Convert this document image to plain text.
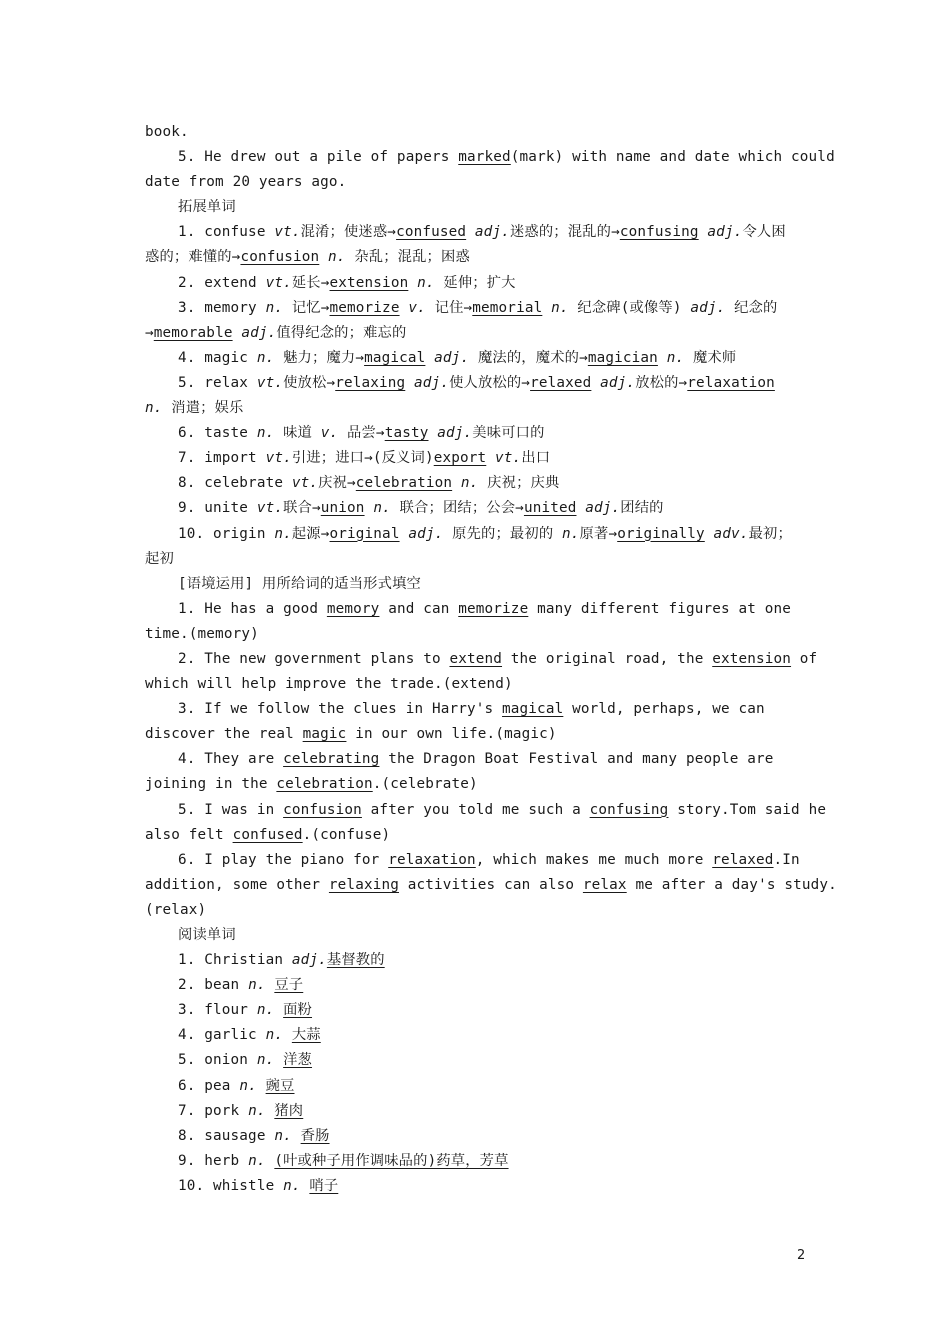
book.
5. He drew out a pile of papers marked(mark) with name and date which could
date from 20 years ago.
拓展单词
1. confuse vt.混淆；使迷惑→confused adj.迷惑的；混乱的→confusing adj.令人困
惑的；难懂的→confusion n. 杂乱；混乱；困惑
2. extend vt.延长→extension n. 延伸；扩大
3. memory n. 记忆→memorize v. 记住→memorial n. 纪念碑(或像等) adj. 纪念的
→memorable adj.值得纪念的；难忘的
4. magic n. 魅力；魔力→magical adj. 魔法的，魔术的→magician n. 魔术师
5. relax vt.使放松→relaxing adj.使人放松的→relaxed adj.放松的→relaxation
n. 消遣；娱乐
6. taste n. 味道 v. 品尝→tasty adj.美味可口的
7. import vt.引进；进口→(反义词)export vt.出口
8. celebrate vt.庆祝→celebration n. 庆祝；庆典
9. unite vt.联合→union n. 联合；团结；公会→united adj.团结的
10. origin n.起源→original adj. 原先的；最初的 n.原著→originally adv.最初；
起初
[语境运用] 用所给词的适当形式填空
1. He has a good memory and can memorize many different figures at one
time.(memory)
2. The new government plans to extend the original road, the extension of
which will help improve the trade.(extend)
3. If we follow the clues in Harry's magical world, perhaps, we can
discover the real magic in our own life.(magic)
4. They are celebrating the Dragon Boat Festival and many people are
joining in the celebration.(celebrate)
5. I was in confusion after you told me such a confusing story.Tom said he
also felt confused.(confuse)
6. I play the piano for relaxation, which makes me much more relaxed.In
addition, some other relaxing activities can also relax me after a day's study.
(relax)
阅读单词
1. Christian adj.基督教的
2. bean n. 豆子
3. flour n. 面粉
4. garlic n. 大蒜
5. onion n. 洋葱
6. pea n. 豌豆
7. pork n. 猪肉
8. sausage n. 香肠
9. herb n. (叶或种子用作调味品的)药草，芳草
10. whistle n. 哨子
2
